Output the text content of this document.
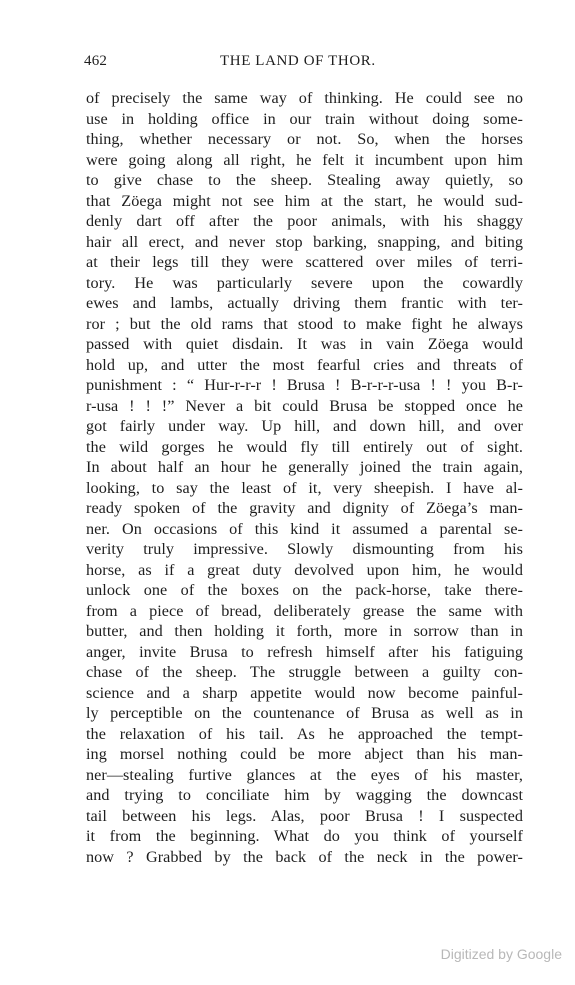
462	THE LAND OF THOR.
of precisely the same way of thinking. He could see no
use in holding office in our train without doing some-
thing, whether necessary or not. So, when the horses
were going along all right, he felt it incumbent upon him
to give chase to the sheep. Stealing away quietly, so
that Zöega might not see him at the start, he would sud-
denly dart off after the poor animals, with his shaggy
hair all erect, and never stop barking, snapping, and biting
at their legs till they were scattered over miles of terri-
tory. He was particularly severe upon the cowardly
ewes and lambs, actually driving them frantic with ter-
ror ; but the old rams that stood to make fight he always
passed with quiet disdain. It was in vain Zöega would
hold up, and utter the most fearful cries and threats of
punishment : “ Hur-r-r-r ! Brusa ! B-r-r-r-usa ! ! you B-r-
r-usa ! ! !” Never a bit could Brusa be stopped once he
got fairly under way. Up hill, and down hill, and over
the wild gorges he would fly till entirely out of sight.
In about half an hour he generally joined the train again,
looking, to say the least of it, very sheepish. I have al-
ready spoken of the gravity and dignity of Zöega’s man-
ner. On occasions of this kind it assumed a parental se-
verity truly impressive. Slowly dismounting from his
horse, as if a great duty devolved upon him, he would
unlock one of the boxes on the pack-horse, take there-
from a piece of bread, deliberately grease the same with
butter, and then holding it forth, more in sorrow than in
anger, invite Brusa to refresh himself after his fatiguing
chase of the sheep. The struggle between a guilty con-
science and a sharp appetite would now become painful-
ly perceptible on the countenance of Brusa as well as in
the relaxation of his tail. As he approached the tempt-
ing morsel nothing could be more abject than his man-
ner—stealing furtive glances at the eyes of his master,
and trying to conciliate him by wagging the downcast
tail between his legs. Alas, poor Brusa ! I suspected
it from the beginning. What do you think of yourself
now ? Grabbed by the back of the neck in the power-
Digitized by Google
